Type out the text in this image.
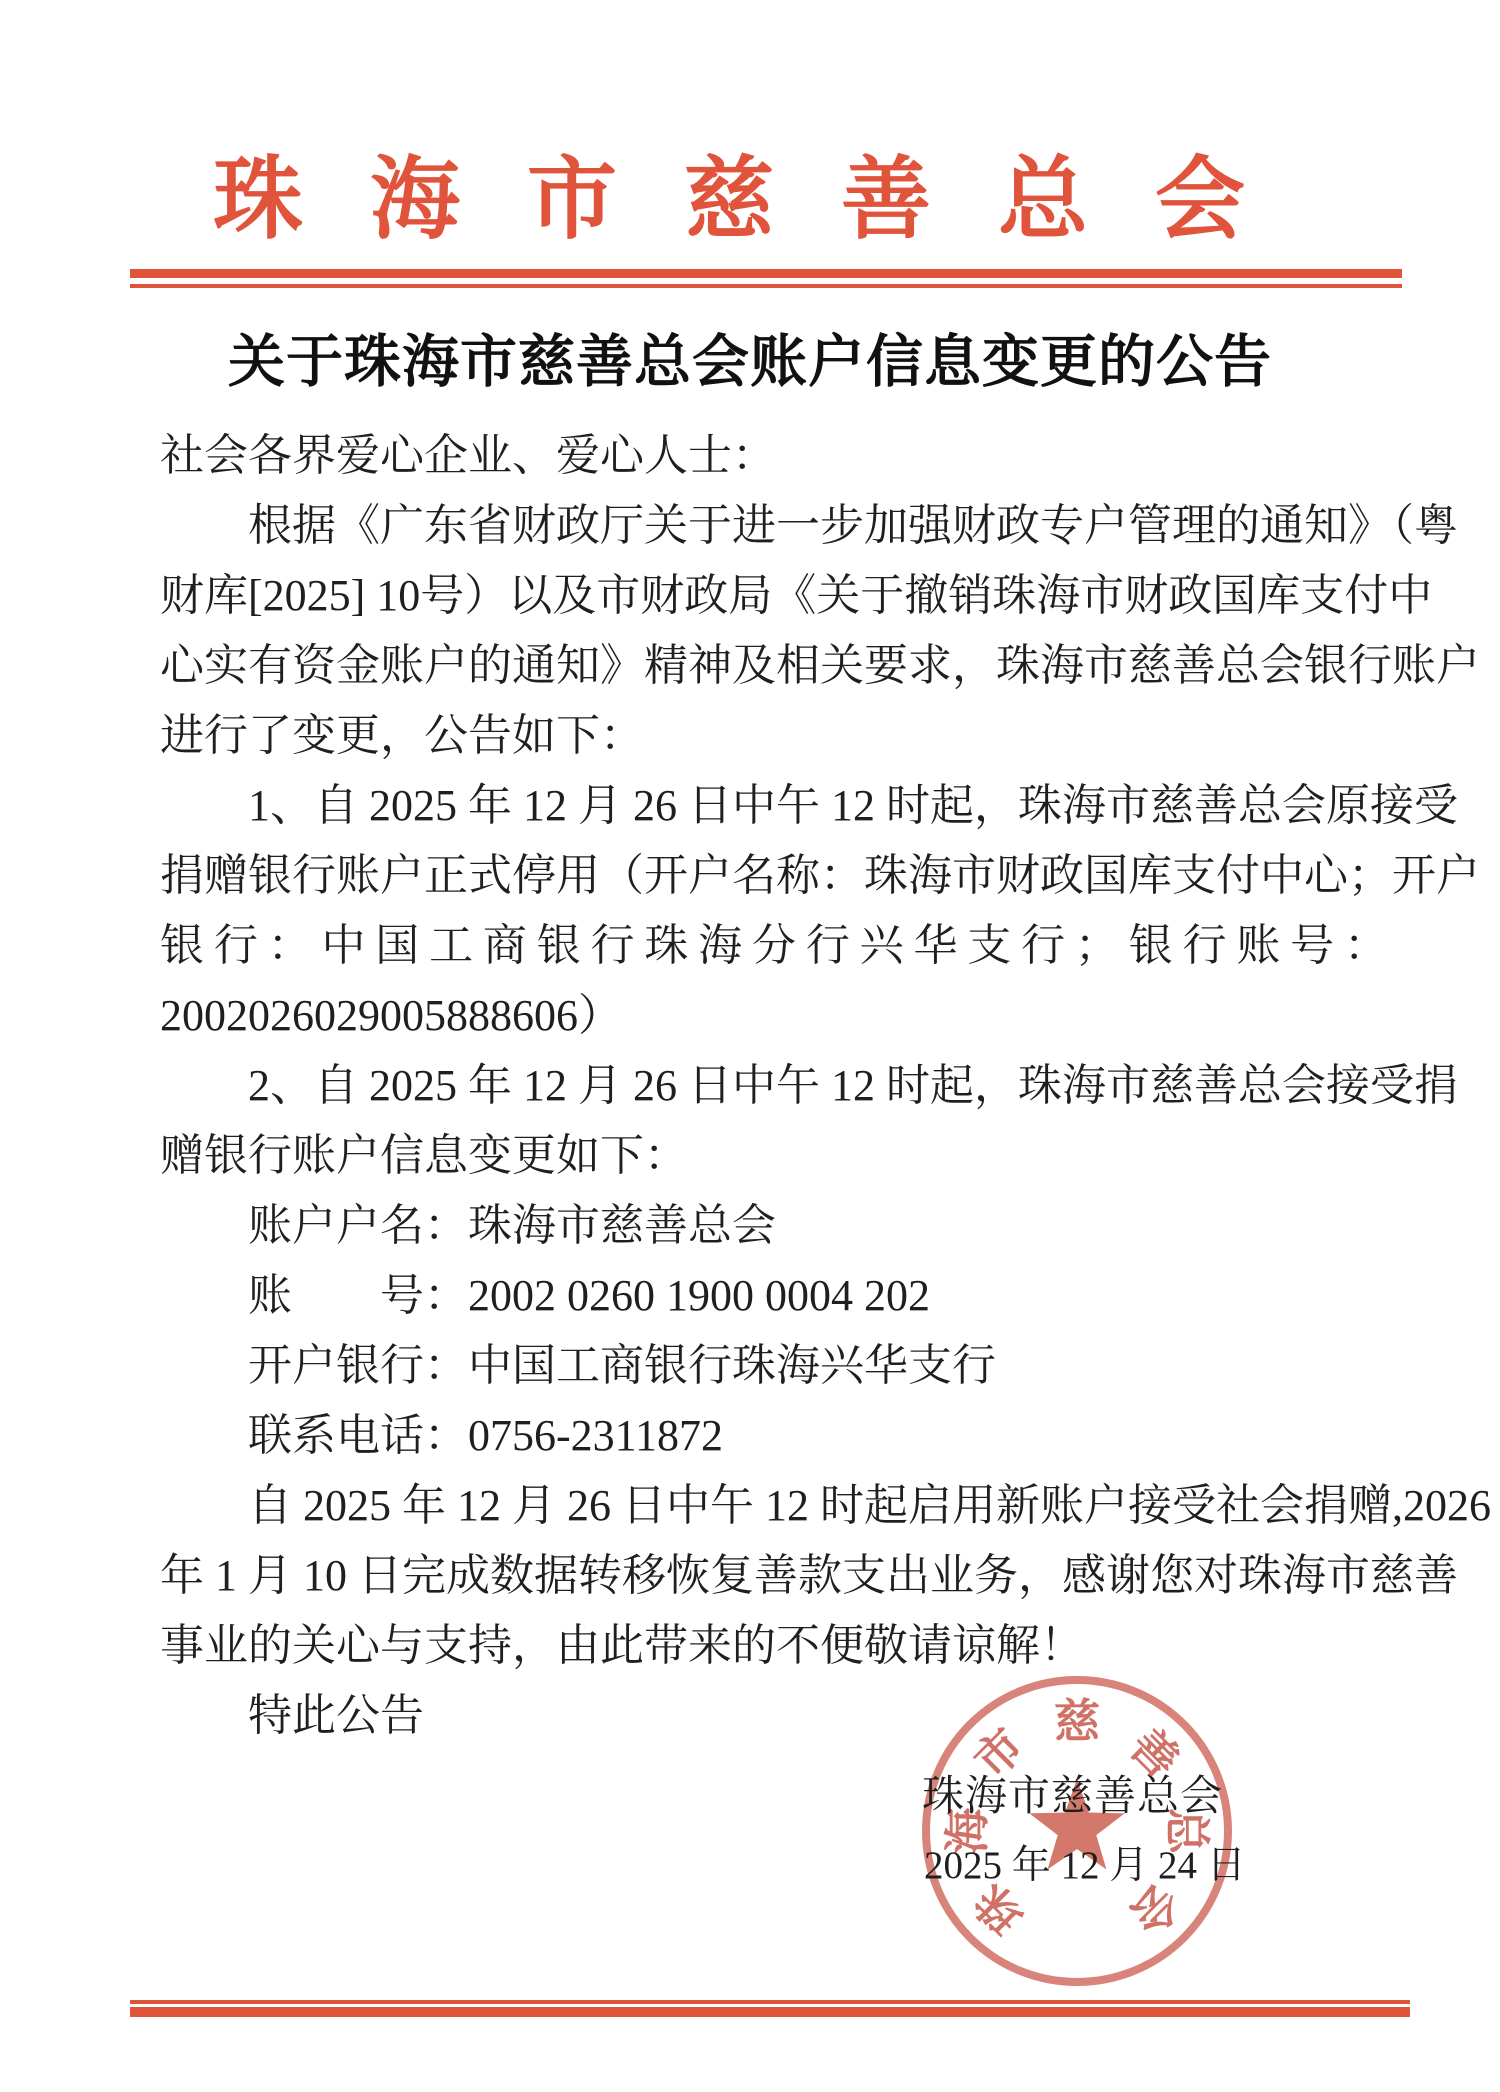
珠海市慈善总会
关于珠海市慈善总会账户信息变更的公告
社会各界爱心企业、爱心人士：
根据《广东省财政厅关于进一步加强财政专户管理的通知》（粤
财库[2025] 10号）以及市财政局《关于撤销珠海市财政国库支付中
心实有资金账户的通知》精神及相关要求，珠海市慈善总会银行账户
进行了变更，公告如下：
1、自 2025 年 12 月 26 日中午 12 时起，珠海市慈善总会原接受
捐赠银行账户正式停用（开户名称：珠海市财政国库支付中心；开户
银行：中国工商银行珠海分行兴华支行；银行账号：
2002026029005888606）
2、自 2025 年 12 月 26 日中午 12 时起，珠海市慈善总会接受捐
赠银行账户信息变更如下：
账户户名：珠海市慈善总会
账　　号：2002 0260 1900 0004 202
开户银行：中国工商银行珠海兴华支行
联系电话：0756-2311872
自 2025 年 12 月 26 日中午 12 时起启用新账户接受社会捐赠,2026
年 1 月 10 日完成数据转移恢复善款支出业务，感谢您对珠海市慈善
事业的关心与支持，由此带来的不便敬请谅解！
特此公告
珠
海
市 慈 善
总
会
珠海市慈善总会
2025 年 12 月 24 日
